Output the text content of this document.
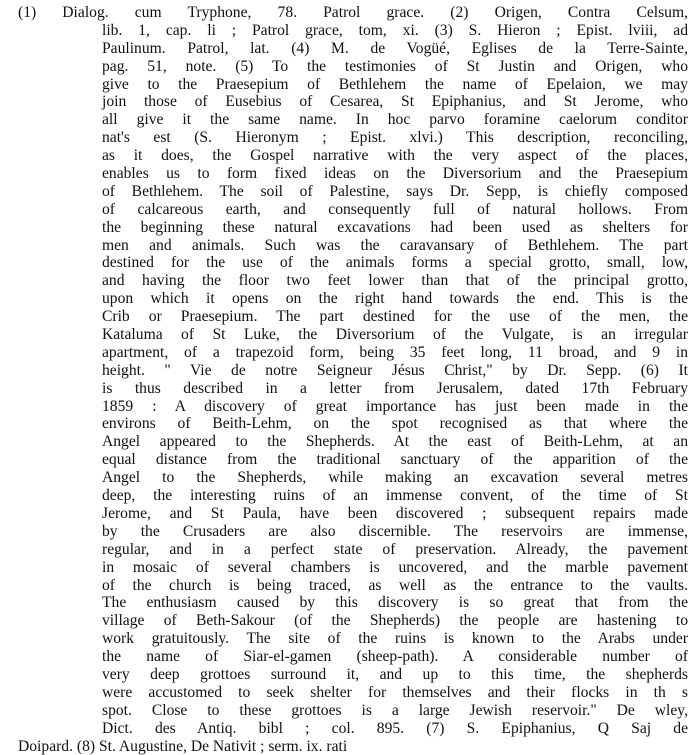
(1) Dialog. cum Tryphone, 78. Patrol grace. (2) Origen, Contra Celsum,
lib. 1, cap. li ; Patrol grace, tom, xi. (3) S. Hieron ; Epist. lviii, ad
Paulinum. Patrol, lat. (4) M. de Vogüé, Eglises de la Terre-Sainte,
pag. 51, note. (5) To the testimonies of St Justin and Origen, who
give to the Praesepium of Bethlehem the name of Epelaion, we may
join those of Eusebius of Cesarea, St Epiphanius, and St Jerome, who
all give it the same name. In hoc parvo foramine caelorum conditor
nat's est (S. Hieronym ; Epist. xlvi.) This description, reconciling,
as it does, the Gospel narrative with the very aspect of the places,
enables us to form fixed ideas on the Diversorium and the Praesepium
of Bethlehem. The soil of Palestine, says Dr. Sepp, is chiefly composed
of calcareous earth, and consequently full of natural hollows. From
the beginning these natural excavations had been used as shelters for
men and animals. Such was the caravansary of Bethlehem. The part
destined for the use of the animals forms a special grotto, small, low,
and having the floor two feet lower than that of the principal grotto,
upon which it opens on the right hand towards the end. This is the
Crib or Praesepium. The part destined for the use of the men, the
Kataluma of St Luke, the Diversorium of the Vulgate, is an irregular
apartment, of a trapezoid form, being 35 feet long, 11 broad, and 9 in
height. " Vie de notre Seigneur Jésus Christ," by Dr. Sepp. (6) It
is thus described in a letter from Jerusalem, dated 17th February
1859 : A discovery of great importance has just been made in the
environs of Beith-Lehm, on the spot recognised as that where the
Angel appeared to the Shepherds. At the east of Beith-Lehm, at an
equal distance from the traditional sanctuary of the apparition of the
Angel to the Shepherds, while making an excavation several metres
deep, the interesting ruins of an immense convent, of the time of St
Jerome, and St Paula, have been discovered ; subsequent repairs made
by the Crusaders are also discernible. The reservoirs are immense,
regular, and in a perfect state of preservation. Already, the pavement
in mosaic of several chambers is uncovered, and the marble pavement
of the church is being traced, as well as the entrance to the vaults.
The enthusiasm caused by this discovery is so great that from the
village of Beth-Sakour (of the Shepherds) the people are hastening to
work gratuitously. The site of the ruins is known to the Arabs under
the name of Siar-el-gamen (sheep-path). A considerable number of
very deep grottoes surround it, and up to this time, the shepherds
were accustomed to seek shelter for themselves and their flocks in th s
spot. Close to these grottoes is a large Jewish reservoir." De wley,
Dict. des Antiq. bibl ; col. 895. (7) S. Epiphanius, Q Saj de
Doipard. (8) St. Augustine, De Nativit ; serm. ix. rati
